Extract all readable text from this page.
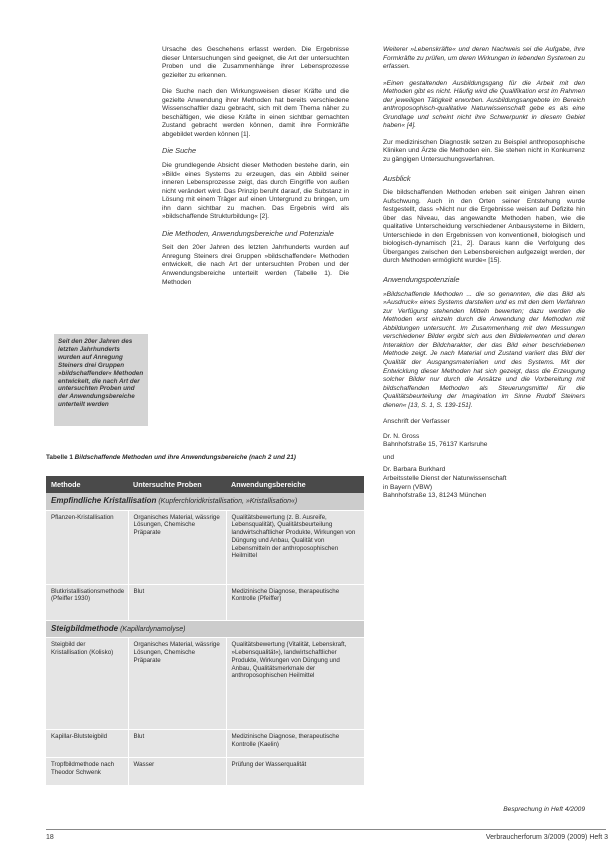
Ursache des Geschehens erfasst werden. Die Ergebnisse dieser Untersuchungen sind geeignet, die Art der untersuchten Proben und die Zusammenhänge ihrer Lebensprozesse gezielter zu erkennen.

Die Suche nach den Wirkungsweisen dieser Kräfte und die gezielte Anwendung ihrer Methoden hat bereits verschiedene Wissenschaftler dazu gebracht, sich mit dem Thema näher zu beschäftigen, wie diese Kräfte in einen sichtbar gemachten Zustand gebracht werden können, damit ihre Formkräfte abgebildet werden können [1].

Die Suche

Die grundlegende Absicht dieser Methoden bestehe darin, ein »Bild« eines Systems zu erzeugen, das ein Abbild seiner inneren Lebensprozesse zeigt, das durch Eingriffe von außen nicht verändert wird. Das Prinzip beruht darauf, die Substanz in Lösung mit einem Träger auf einen Untergrund zu bringen, um ihn dann sichtbar zu machen. Das Ergebnis wird als »bildschaffende Strukturbildung« [2].

Die Methoden, Anwendungsbereiche und Potenziale

Seit den 20er Jahren des letzten Jahrhunderts wurden auf Anregung Steiners drei Gruppen »bildschaffender« Methoden entwickelt, die nach Art der untersuchten Proben und der Anwendungsbereiche unterteilt werden (Tabelle 1). Die Methoden

Seit den 20er Jahren des letzten Jahrhunderts wurden auf Anregung Steiners drei Gruppen »bildschaffender« Methoden entwickelt, die nach Art der untersuchten Proben und der Anwendungsbereiche unterteilt werden
Tabelle 1 Bildschaffende Methoden und ihre Anwendungsbereiche (nach 2 und 21)
Methode	Untersuchte Proben	Anwendungsbereiche
Empfindliche Kristallisation (Kupferchloridkristallisation, »Kristallisation«)		
Pflanzen-Kristallisation	Organisches Material, wässrige Lösungen, Chemische Präparate	Qualitätsbewertung (z. B. Ausreife, Lebensqualität), Qualitätsbeurteilung landwirtschaftlicher Produkte, Wirkungen von Düngung und Anbau, Qualität von Lebensmitteln der anthroposophischen Heilmittel
Blutkristallisationsmethode (Pfeiffer 1930)	Blut	Medizinische Diagnose, therapeutische Kontrolle (Pfeiffer)
Steigbildmethode (Kapillardynamolyse)		
Steigbild der Kristallisation (Kolisko)	Organisches Material, wässrige Lösungen, Chemische Präparate	Qualitätsbewertung (Vitalität, Lebenskraft, »Lebensqualität«), landwirtschaftlicher Produkte, Wirkungen von Düngung und Anbau, Qualitätsmerkmale der anthroposophischen Heilmittel
Kapillar-Blutsteigbild	Blut	Medizinische Diagnose, therapeutische Kontrolle (Kaelin)
Tropfbildmethode nach Theodor Schwenk	Wasser	Prüfung der Wasserqualität

Weiterer »Lebenskräfte« und deren Nachweis sei die Aufgabe, ihre Formkräfte zu prüfen, um deren Wirkungen in lebenden Systemen zu erfassen.

»Einen gestaltenden Ausbildungsgang für die Arbeit mit den Methoden gibt es nicht. Häufig wird die Qualifikation erst im Rahmen der jeweiligen Tätigkeit erworben. Ausbildungsangebote im Bereich anthroposophisch-qualitative Naturwissenschaft gebe es als eine Grundlage und scheint nicht ihre Schwerpunkt in diesem Gebiet haben« [4].

Zur medizinischen Diagnostik setzen zu Beispiel anthroposophische Kliniken und Ärzte die Methoden ein. Sie stehen nicht in Konkurrenz zu gängigen Untersuchungsverfahren.

Ausblick

Die bildschaffenden Methoden erleben seit einigen Jahren einen Aufschwung. Auch in den Orten seiner Entstehung wurde festgestellt, dass »Nicht nur die Ergebnisse weisen auf Defizite hin über das Niveau, das angewandte Methoden haben, wie die qualitative Unterscheidung verschiedener Anbausysteme in Bildern, Unterschiede in den Ergebnissen von konventionell, biologisch und biologisch-dynamisch [21, 2]. Daraus kann die Verfolgung des Überganges zwischen den Lebensbereichen aufgezeigt werden, der durch Methoden ermöglicht wurde« [15].

Anwendungspotenziale

»Bildschaffende Methoden ... die so genannten, die das Bild als »Ausdruck« eines Systems darstellen und es mit den dem Verfahren zur Verfügung stehenden Mitteln bewerten; dazu werden die Methoden erst einzeln durch die Anwendung der Methoden mit Abbildungen untersucht. Im Zusammenhang mit den Messungen verschiedener Bilder ergibt sich aus den Bildelementen und deren Interaktion der Bildcharakter, der das Bild einer beschriebenen Methode zeigt. Je nach Material und Zustand variiert das Bild der Qualität der Ausgangsmaterialien und des Systems. Mit der Entwicklung dieser Methoden hat sich gezeigt, dass die Erzeugung solcher Bilder nur durch die Ansätze und die Vorbereitung mit bildschaffenden Methoden als Steuerungsmittel für die Qualitätsbeurteilung der Imagination im Sinne Rudolf Steiners dienen« [13, S. 1, S. 139-151].

Anschrift der Verfasser
Dr. N. Gross
Bahnhofstraße 15, 76137 Karlsruhe
und
Dr. Barbara Burkhard
Arbeitsstelle Dienst der Naturwissenschaft
in Bayern (VBW)
Bahnhofstraße 13, 81243 München
Besprechung in Heft 4/2009
18	Verbraucherforum 3/2009 (2009) Heft 3
